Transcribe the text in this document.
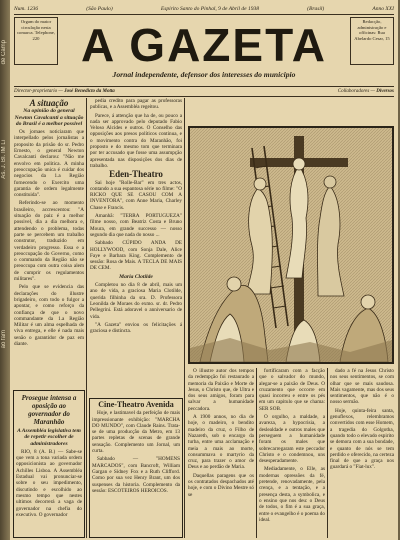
de Camp
As. J. BI. IM Li
ao fam
Num. 1236	(São Paulo)	Espirito Santo do Pinhal, 9 de Abril de 1938	(Brasil)	Anno XXI
Orgam do maior circulação nesta comarca. Telephone, 220
Redacção, administração e officinas: Rua Abelardo Cesar, 15
A GAZETA
Jornal independente, defensor dos interesses do municipio
Director-proprietario — José Benedicto da Motta	Collaboradores — Diversos
A situação
Na opinião do general Newton Cavalcanti a situação do Brasil é a melhor possivel

Os jornaes noticiaram que interpellado pelos jornalistas a proposito da prisão do sr. Pedro Ernesto, o general Newton Cavalcanti declarou: "Não me envolvo em politica. A minha preoccupação unica é cuidar dos negocios da 1.a Região fornecendo o Exercito uma garantia de ordem legalmente constituida".

Referindo-se ao momento brasileiro, accrescentou: "A situação do paiz é a melhor possivel, dia a dia melhora e, attendendo o problema, todas parte se percebem um trabalho construtor, traduzido em verdadeiro progresso. Essa e a preoccupação do Governo, como o commando da Região não se preoccupa com outra coisa alem de cumprir os regulamentos militares".

Pelo que se evidencia das declarações do illustre brigadeiro, com todo o fulgor a apontar, e como reforço da confiança de que o novo commandante da 1.a Região Militar é um alma espelhada de viva entrega, e elle é nada mais senão o garantidor de paz em diante.

Prosegue intensa a oposição ao governador do Maranhão
A Assembléa legislativa tem de repetir escolher de administradores

RIO, 8 (A. B.) — Sabe-se que vem a tona variada ordem opposicionista ao governador Achilles Lisboa. A Assembléa Estadual vai pronunciar-se sobre o seu impedimento, discutindo e escolhido ao mesmo tempo que nestes ultimos decorrerá a vaga de governador na chefia do executivo. O governador

pedia credito para pagar as professoras publicas, e a Assembléa regeitou.

Parece, á attenção que ha de, ou pouco a nada ser approvado pelo deputado Fabio Veloso Alcides e outros. O Conselho das opposições aos presos políticos continua, e o movimento contra do Maranhão, foi proposto e do mesmo tom que terminara por ter accusado que fosse uma assumpção apresentada nas disposições dos dias de trabalho.

Eden-Theatro

Sai hoje "Rolle-Bar" em tres actos, contando a sua espantosa série no filme: "O RICKO QUE SE CASOU COM A INVENTORA", com Anne Maria, Charley Chase e Francis.

Amanhã: "TERRA PORTUGUEZA" filme nosso, com Beatriz Costa e Bruno Moura, em grande successo — nosso segundo dia que nada do nosso ...

Sabbado CÚPIDO ANDA DE HOLLYWOOD, com Sonja Dale, Alice Faye e Barbara King. Complemento de sessão: Rosa de Mais. A TECLA DE MAIS DE CEM.

Maria Clotilde

Completou no dia 8 de abril, mais um ano de vida, a graciosa Maria Clotilde, querida filhinha da sra. D. Professora Leonilda de Moraes do exmo. sr. dr. Pedro Pellegrini. Está adoravel o anniversario de vida.

"A Gazeta" enviou os felicitações á graciosa e distincta.

Cine-Theatro Avenida

Hoje, e lastimavel da perfeição de mais impressionante exhibição: "MARCHA DO MUNDO", com Claude Rains. Trata-se de uma producção da Metro, em 13 partes repletas de scenas de grande sensação. Complemento um Jornal, um curta.

Sabbado — "HOMENS MARCADOS", com Bancroft, William Gargan e Sidney Fox e a Ruth Clifford. Como por sua vez Henry Brant, um dos suspenses da historia. Complemento da sessão: ESCOTEIROS HEROICOS.

O illustre autor dos tempos da redempção foi restaurado a memoria da Paixão e Morte de Jesus, o Christo que, de Ultra e dos seus amigos, foram para salvar a humanidade peccadora.

A 1900 annos, no dia de hoje, o madeiro, o bendito madeiro da cruz, o Filho de Nazareth, sob o encargo da turba, entre uma acclamação e meia a mais ao morte, consummava o martyrio da cruz, para trazer o amor de Deus e ao perdão de Maria.

Daquellas paragens que os os contratados despachados até hoje, e com o Divino Mestre só se

fortificaram com a facção que o salvador do mundo, alegar-se a paixão de Deus. O cruzamento que occorre em quasi incorreu e entre os pés em um capitulo que se chama: SER SOB.

O orgulho, a maldade, a avareza, a hypocrisia, a deslealdade e outros males que perseguem a humanidade foram os males que sobrecarregaram este peccador Christo e o condemnou, uns desesperadamente.

Mediadamente, o Elle, as modernas opressões da fé, pretende, renovadamente, pela crença, e a tentação, e a presença desta, a symbolica, e o ensino que nos deu: o Deus de todos, o fim é a sua graça, entre o evangelho é o poema do ideal.

dado a fé na Jesus Christo nos seus sentimentos, se com olhar que se mais saudosa. Mais vagamente, mas dos seus sentimentos, que não é o nosso sermão.

Hoje, quinta-feira santa, genuflexos, relembramos convertidos com esse Homem, a tragedia do Golgotha, quando todo o elevado espirito se demora com a sua bondade, e quanto de nós se tem perdido e oferecido, na certeza final de que a graça nos guardará o "Fiat-lux".
